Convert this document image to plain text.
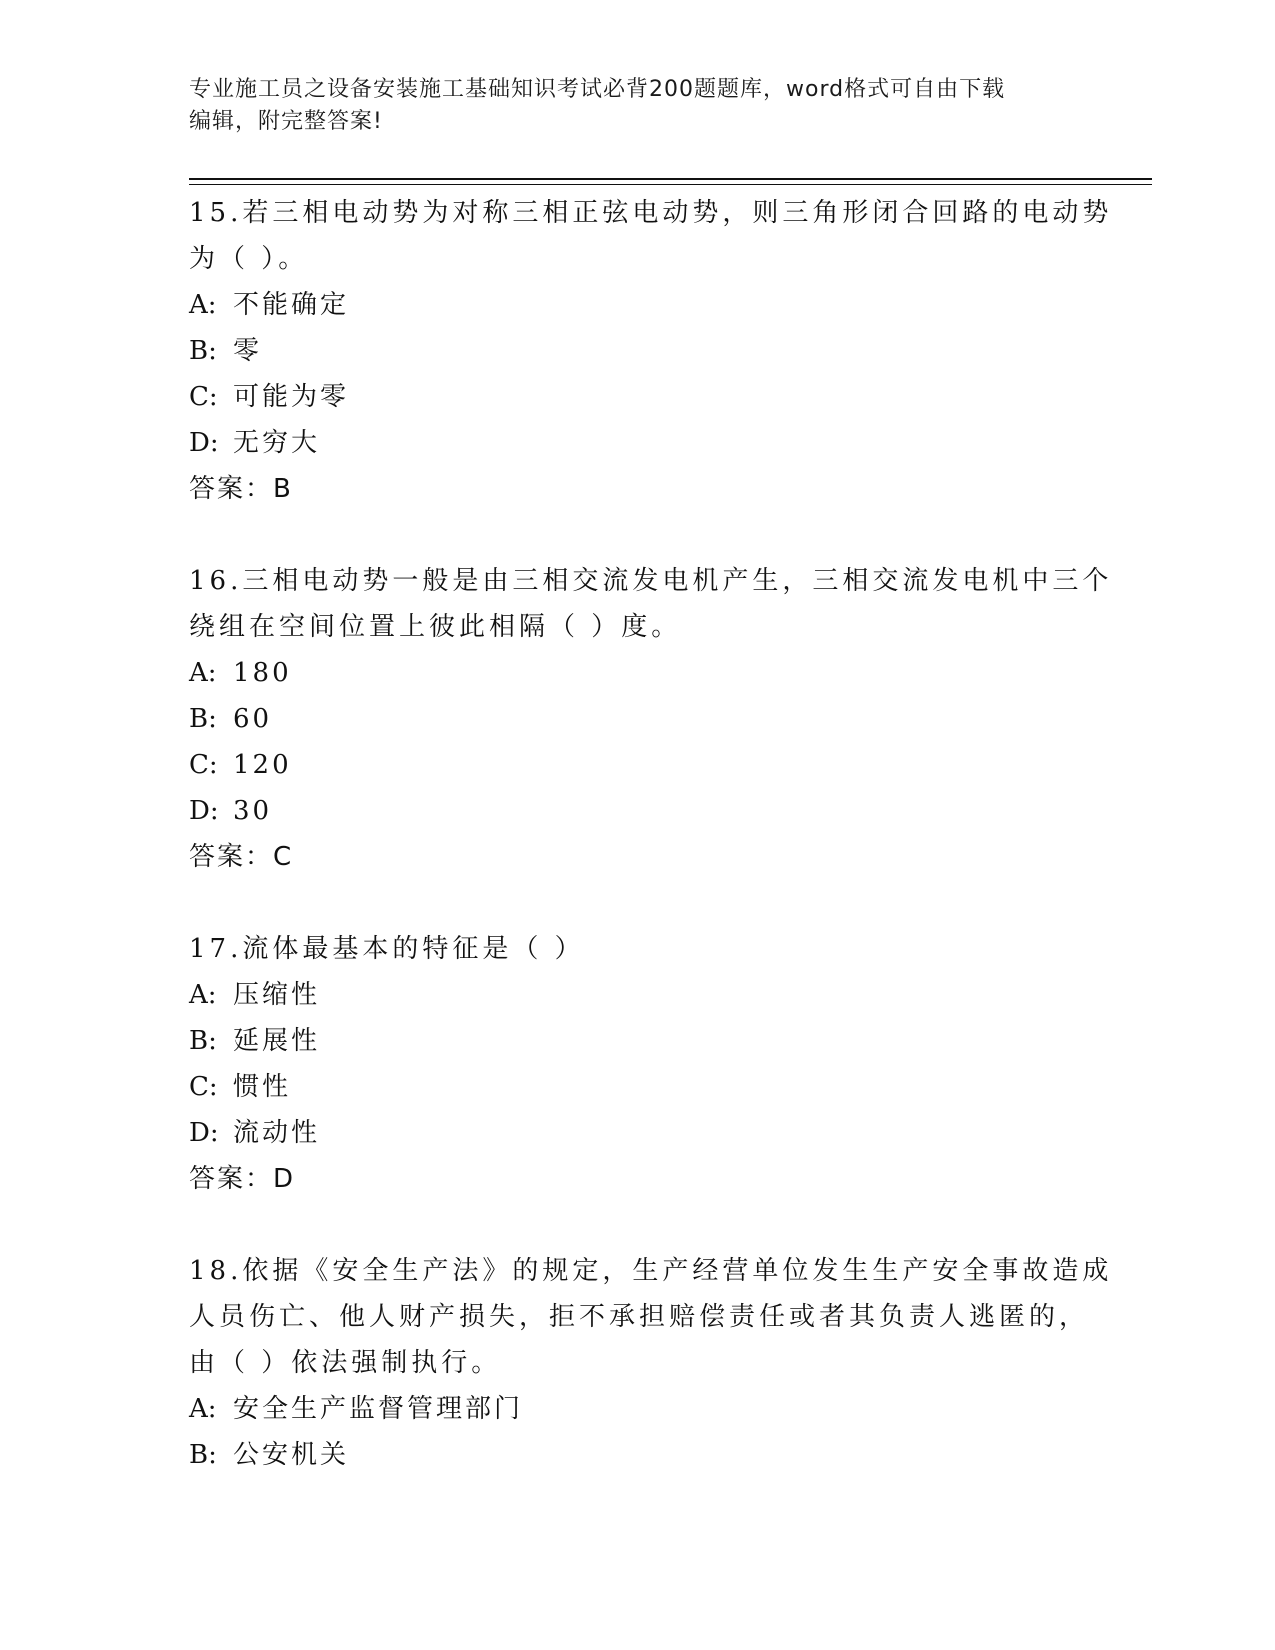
专业施工员之设备安装施工基础知识考试必背200题题库，word格式可自由下载
编辑，附完整答案!
15.若三相电动势为对称三相正弦电动势，则三角形闭合回路的电动势
为（ ）。
A: 不能确定
B: 零
C: 可能为零
D: 无穷大
答案：B
16.三相电动势一般是由三相交流发电机产生，三相交流发电机中三个
绕组在空间位置上彼此相隔（ ）度。
A: 180
B: 60
C: 120
D: 30
答案：C
17.流体最基本的特征是（ ）
A: 压缩性
B: 延展性
C: 惯性
D: 流动性
答案：D
18.依据《安全生产法》的规定，生产经营单位发生生产安全事故造成
人员伤亡、他人财产损失，拒不承担赔偿责任或者其负责人逃匿的，
由（ ）依法强制执行。
A: 安全生产监督管理部门
B: 公安机关
